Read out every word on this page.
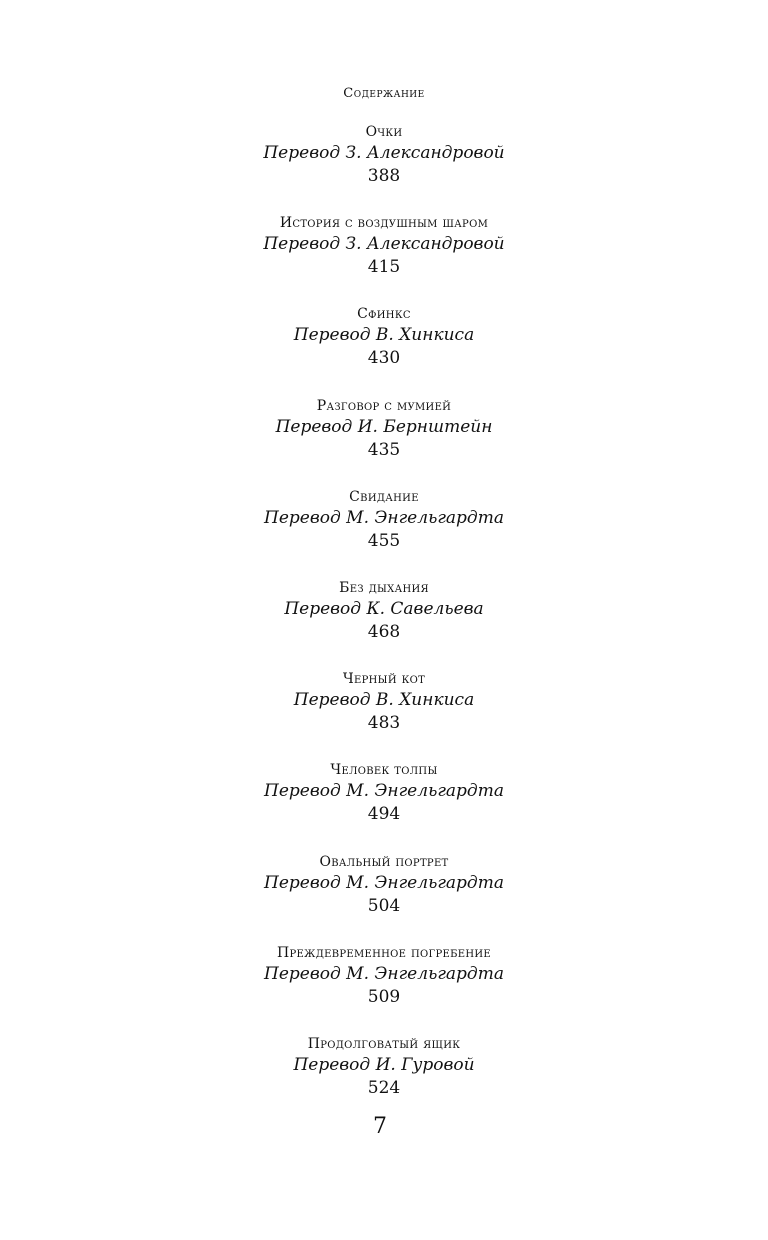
Содержание
Очки
Перевод З. Александровой
388
История с воздушным шаром
Перевод З. Александровой
415
Сфинкс
Перевод В. Хинкиса
430
Разговор с мумией
Перевод И. Бернштейн
435
Свидание
Перевод М. Энгельгардта
455
Без дыхания
Перевод К. Савельева
468
Черный кот
Перевод В. Хинкиса
483
Человек толпы
Перевод М. Энгельгардта
494
Овальный портрет
Перевод М. Энгельгардта
504
Преждевременное погребение
Перевод М. Энгельгардта
509
Продолговатый ящик
Перевод И. Гуровой
524
7
